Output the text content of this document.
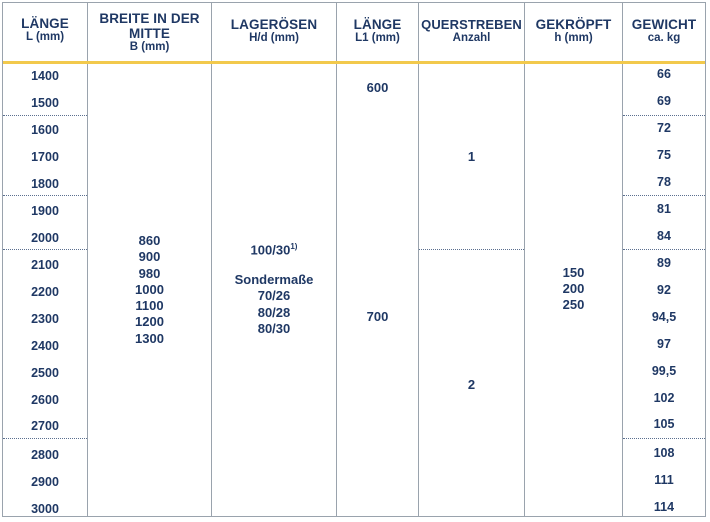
LÄNGE
L (mm)
1400
1500
1600
1700
1800
1900
2000
2100
2200
2300
2400
2500
2600
2700
2800
2900
3000
BREITE IN DER MITTE
B (mm)
860
900
980
1000
1100
1200
1300
LAGERÖSEN
H/d (mm)
100/30$^{1)}$
Sondermaße
70/26
80/28
80/30
LÄNGE
L1 (mm)
600
700
QUERSTREBEN
Anzahl
1
2
GEKRÖPFT
h (mm)
150
200
250
GEWICHT
ca. kg
66
69
72
75
78
81
84
89
92
94,5
97
99,5
102
105
108
111
114
